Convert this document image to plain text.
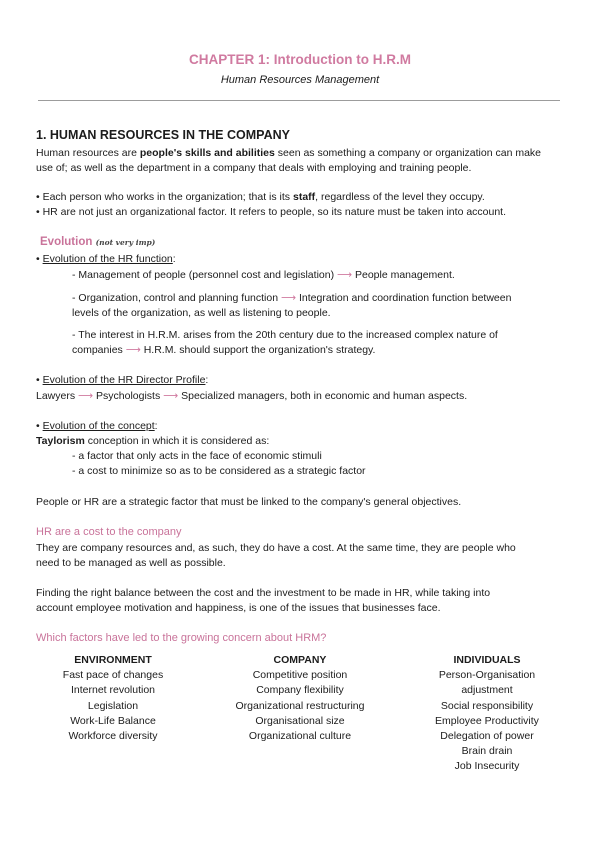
CHAPTER 1: Introduction to H.R.M
Human Resources Management
1. HUMAN RESOURCES IN THE COMPANY
Human resources are people's skills and abilities seen as something a company or organization can make
use of; as well as the department in a company that deals with employing and training people.
• Each person who works in the organization; that is its staff, regardless of the level they occupy.
• HR are not just an organizational factor. It refers to people, so its nature must be taken into account.
Evolution (not very imp)
• Evolution of the HR function:
- Management of people (personnel cost and legislation) ⟶ People management.
- Organization, control and planning function ⟶ Integration and coordination function between
levels of the organization, as well as listening to people.
- The interest in H.R.M. arises from the 20th century due to the increased complex nature of
companies ⟶ H.R.M. should support the organization's strategy.
• Evolution of the HR Director Profile:
Lawyers ⟶ Psychologists ⟶ Specialized managers, both in economic and human aspects.
• Evolution of the concept:
Taylorism conception in which it is considered as:
- a factor that only acts in the face of economic stimuli
- a cost to minimize so as to be considered as a strategic factor
People or HR are a strategic factor that must be linked to the company's general objectives.
HR are a cost to the company
They are company resources and, as such, they do have a cost. At the same time, they are people who
need to be managed as well as possible.
Finding the right balance between the cost and the investment to be made in HR, while taking into
account employee motivation and happiness, is one of the issues that businesses face.
Which factors have led to the growing concern about HRM?
ENVIRONMENT
Fast pace of changes
Internet revolution
Legislation
Work-Life Balance
Workforce diversity
COMPANY
Competitive position
Company flexibility
Organizational restructuring
Organisational size
Organizational culture
INDIVIDUALS
Person-Organisation
adjustment
Social responsibility
Employee Productivity
Delegation of power
Brain drain
Job Insecurity
